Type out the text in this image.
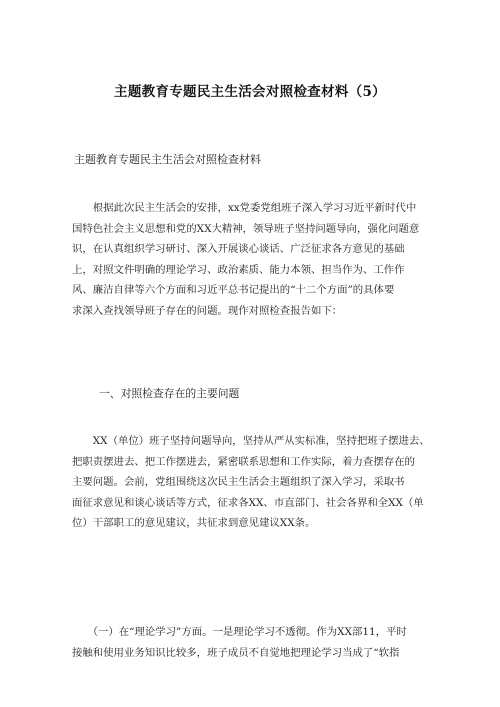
主题教育专题民主生活会对照检查材料（5）
主题教育专题民主生活会对照检查材料
　　根据此次民主生活会的安排，xx党委党组班子深入学习习近平新时代中
国特色社会主义思想和党的XX大精神，领导班子坚持问题导向，强化问题意
识，在认真组织学习研讨、深入开展谈心谈话、广泛征求各方意见的基础
上，对照文件明确的理论学习、政治素质、能力本领、担当作为、工作作
风、廉洁自律等六个方面和习近平总书记提出的“十二个方面”的具体要
求深入查找领导班子存在的问题。现作对照检查报告如下：
一、对照检查存在的主要问题
　　XX（单位）班子坚持问题导向，坚持从严从实标准，坚持把班子摆进去、
把职责摆进去、把工作摆进去，紧密联系思想和工作实际，着力查摆存在的
主要问题。会前，党组围绕这次民主生活会主题组织了深入学习，采取书
面征求意见和谈心谈话等方式，征求各XX、市直部门、社会各界和全XX（单
位）干部职工的意见建议，共征求到意见建议XX条。
　　（一）在“理论学习”方面。一是理论学习不透彻。作为XX部11，平时
接触和使用业务知识比较多，班子成员不自觉地把理论学习当成了“软指
